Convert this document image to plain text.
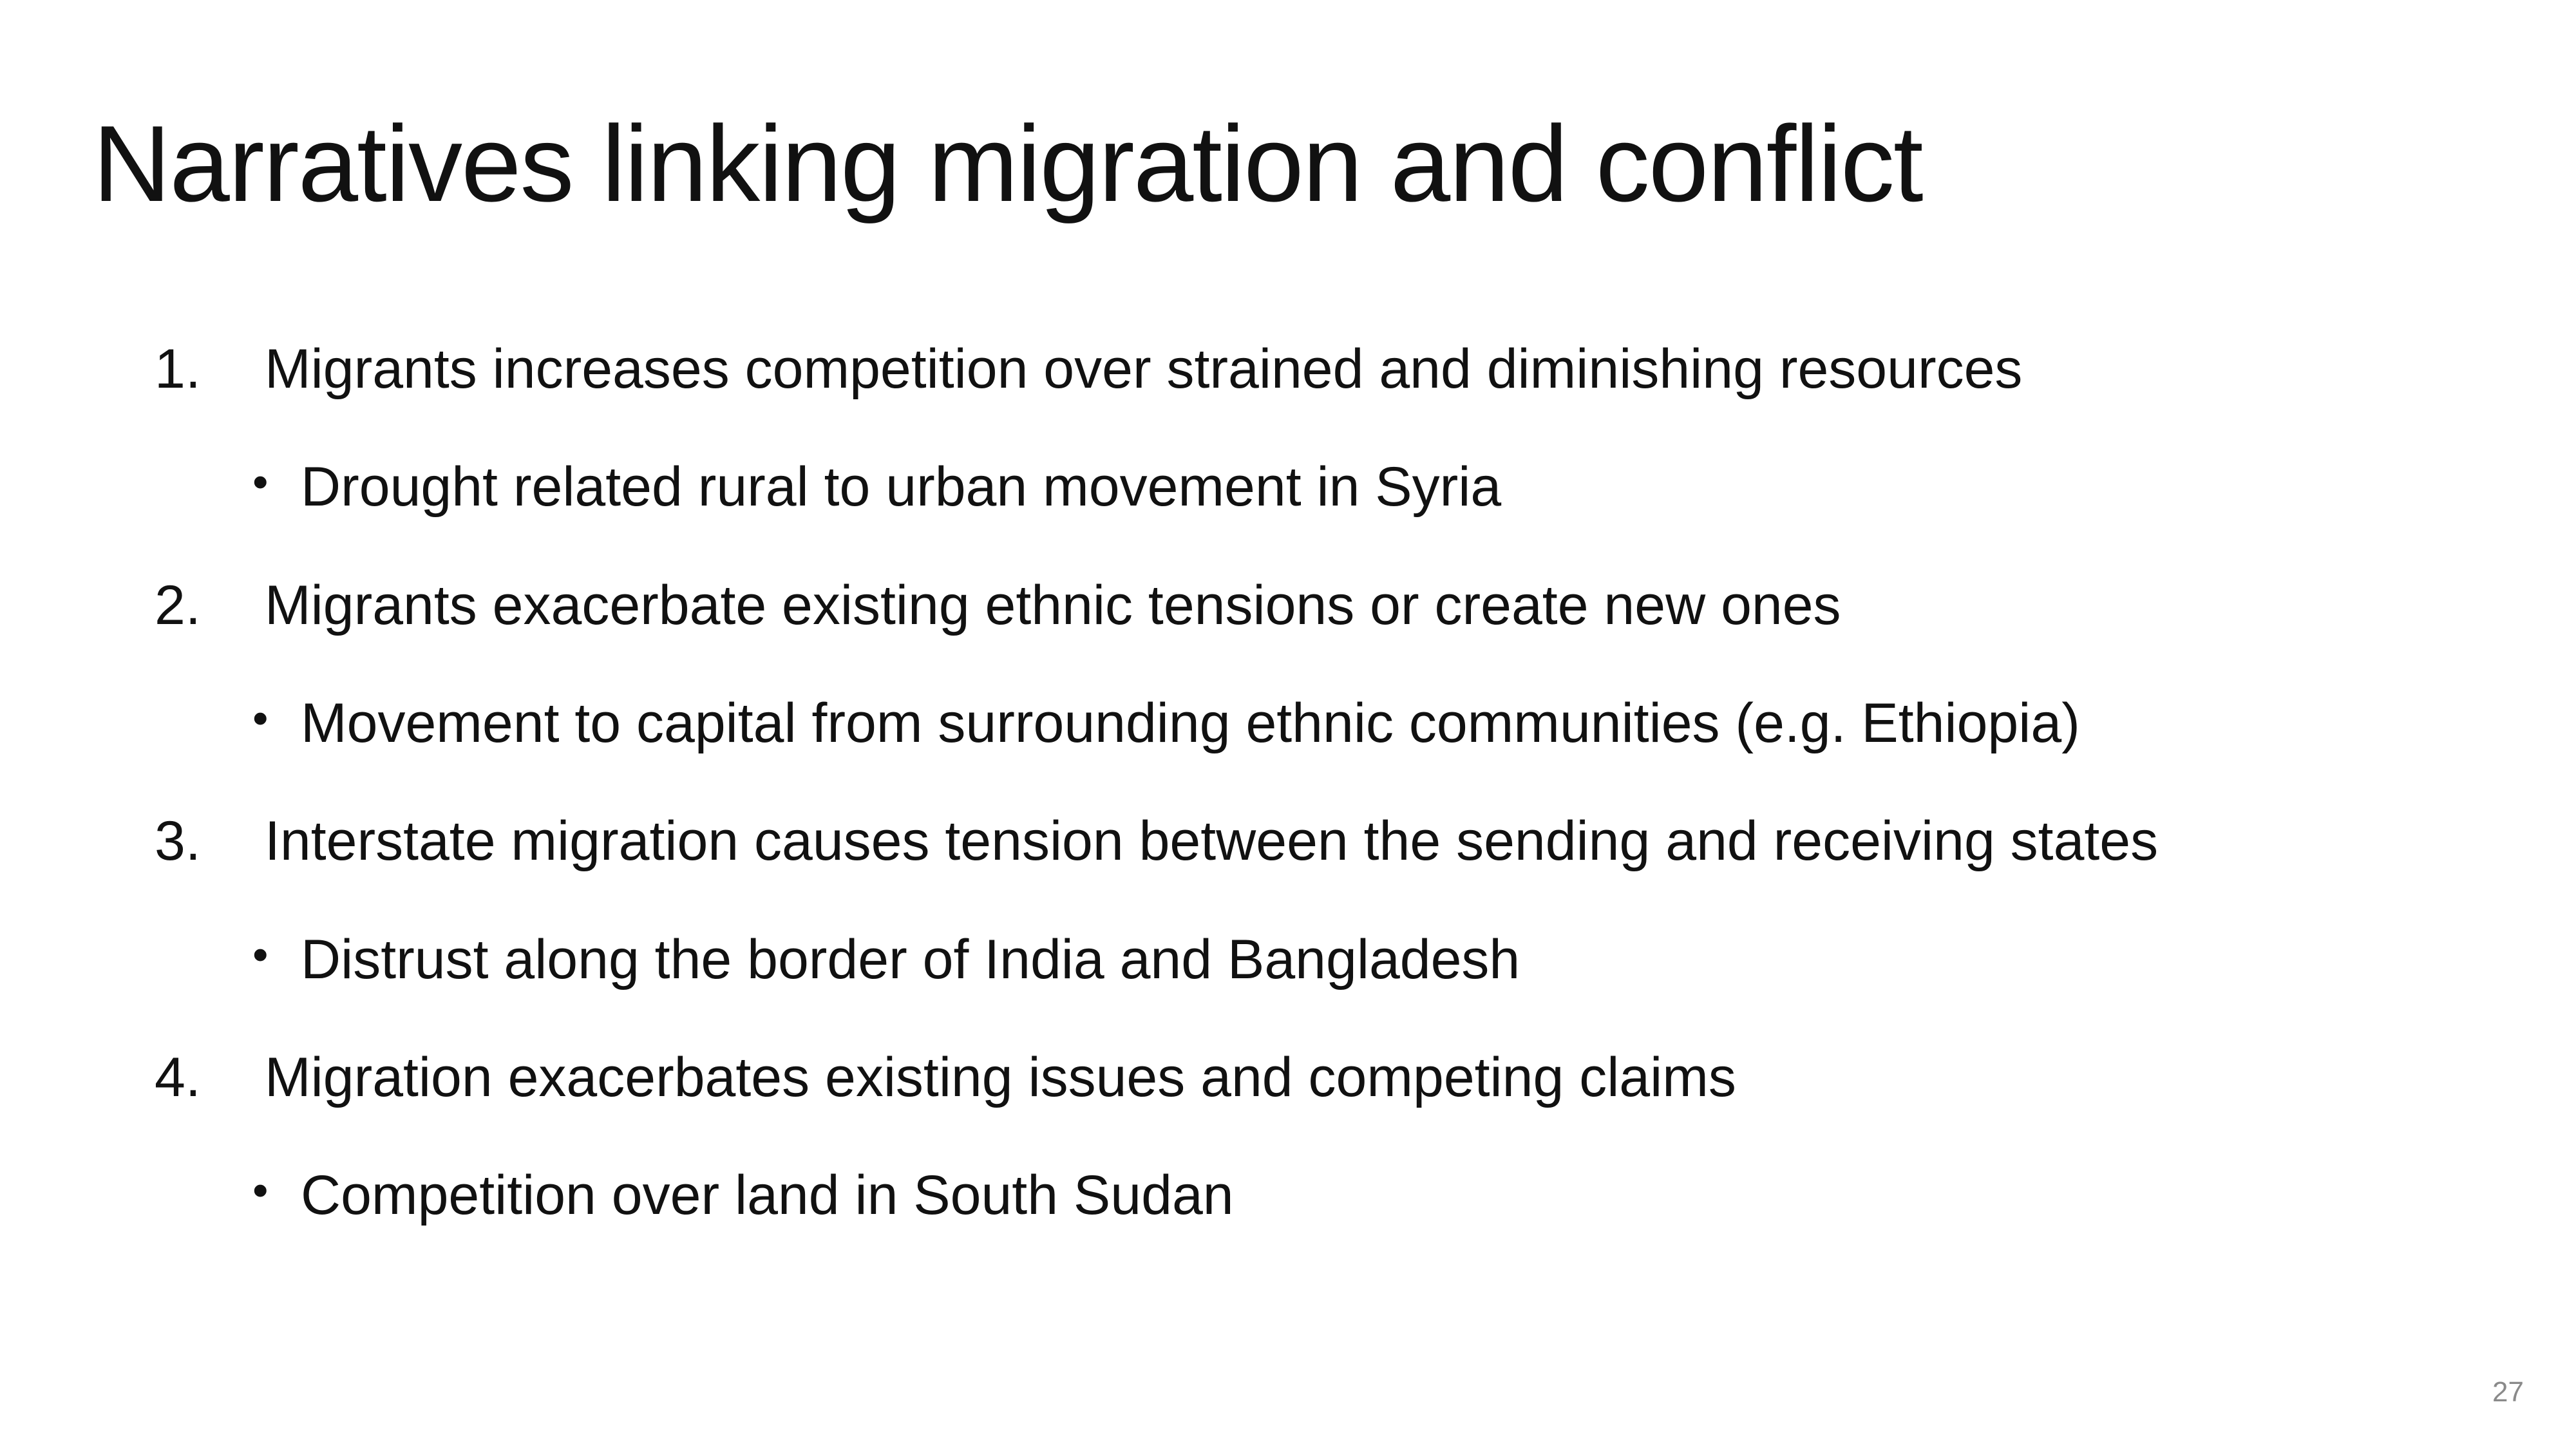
Narratives linking migration and conflict
1. Migrants increases competition over strained and diminishing resources
• Drought related rural to urban movement in Syria
2. Migrants exacerbate existing ethnic tensions or create new ones
• Movement to capital from surrounding ethnic communities (e.g. Ethiopia)
3. Interstate migration causes tension between the sending and receiving states
• Distrust along the border of India and Bangladesh
4. Migration exacerbates existing issues and competing claims
• Competition over land in South Sudan
27
